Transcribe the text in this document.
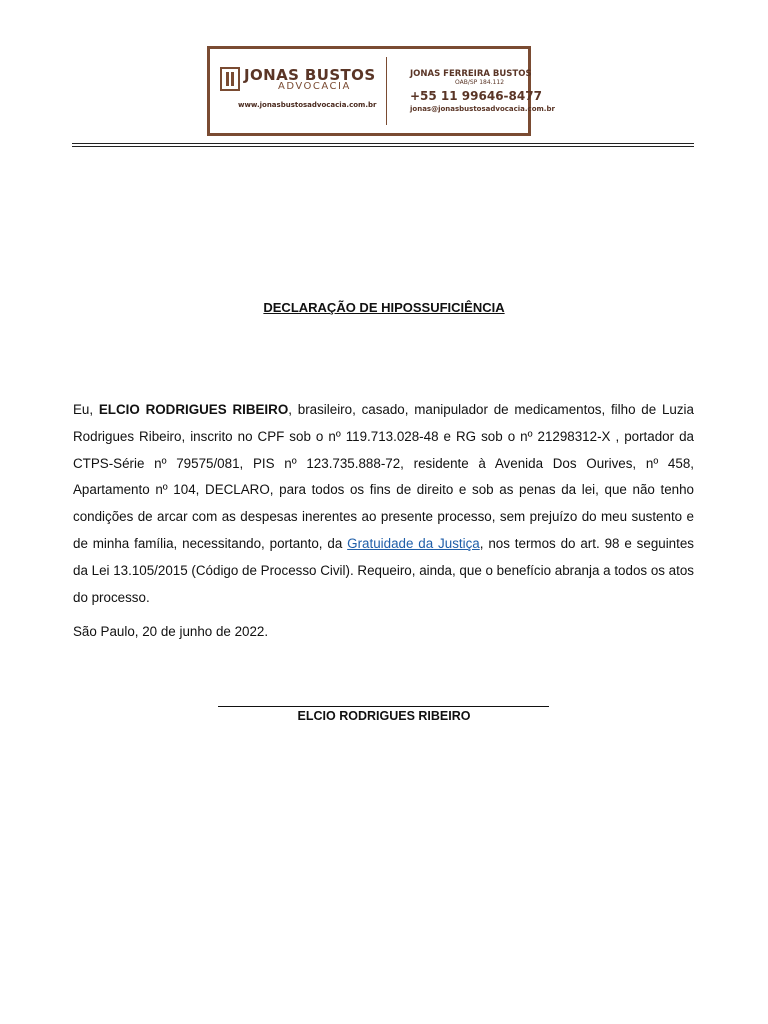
JONAS BUSTOS
ADVOCACIA
www.jonasbustosadvocacia.com.br
JONAS FERREIRA BUSTOS
OAB/SP 184.112
+55 11 99646-8477
jonas@jonasbustosadvocacia.com.br
DECLARAÇÃO DE HIPOSSUFICIÊNCIA

Eu, ELCIO RODRIGUES RIBEIRO, brasileiro, casado, manipulador de medicamentos, filho de Luzia Rodrigues Ribeiro, inscrito no CPF sob o nº 119.713.028-48 e RG sob o nº 21298312-X , portador da CTPS-Série nº 79575/081, PIS nº 123.735.888-72, residente à Avenida Dos Ourives, nº 458, Apartamento nº 104, DECLARO, para todos os fins de direito e sob as penas da lei, que não tenho condições de arcar com as despesas inerentes ao presente processo, sem prejuízo do meu sustento e de minha família, necessitando, portanto, da Gratuidade da Justiça, nos termos do art. 98 e seguintes da Lei 13.105/2015 (Código de Processo Civil). Requeiro, ainda, que o benefício abranja a todos os atos do processo.

São Paulo, 20 de junho de 2022.
ELCIO RODRIGUES RIBEIRO
